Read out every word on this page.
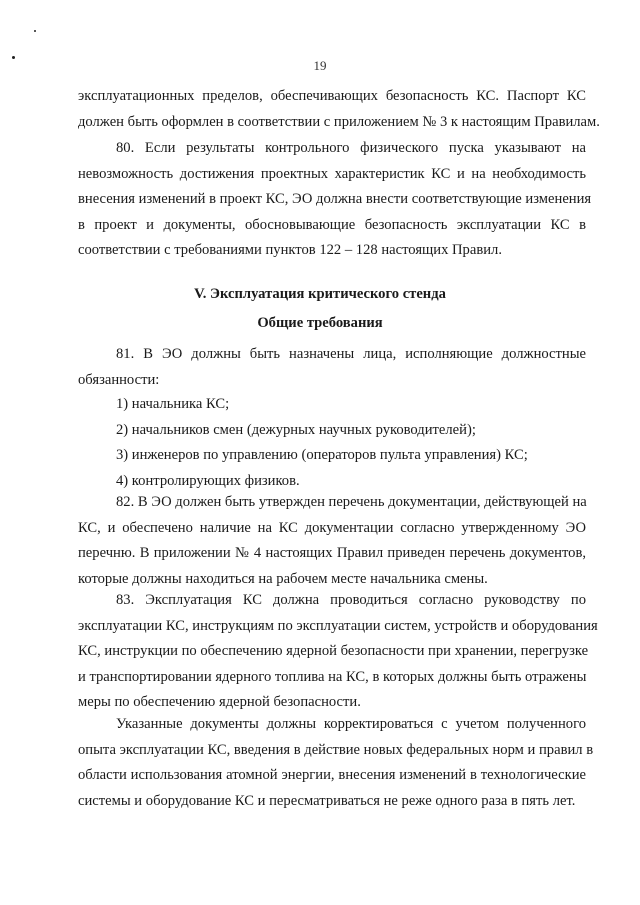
19
эксплуатационных пределов, обеспечивающих безопасность КС. Паспорт КС
должен быть оформлен в соответствии с приложением № 3 к настоящим Правилам.
80. Если результаты контрольного физического пуска указывают на
невозможность достижения проектных характеристик КС и на необходимость
внесения изменений в проект КС, ЭО должна внести соответствующие изменения
в проект и документы, обосновывающие безопасность эксплуатации КС в
соответствии с требованиями пунктов 122 – 128 настоящих Правил.
V. Эксплуатация критического стенда
Общие требования
81. В ЭО должны быть назначены лица, исполняющие должностные
обязанности:
1) начальника КС;
2) начальников смен (дежурных научных руководителей);
3) инженеров по управлению (операторов пульта управления) КС;
4) контролирующих физиков.
82. В ЭО должен быть утвержден перечень документации, действующей на
КС, и обеспечено наличие на КС документации согласно утвержденному ЭО
перечню. В приложении № 4 настоящих Правил приведен перечень документов,
которые должны находиться на рабочем месте начальника смены.
83. Эксплуатация КС должна проводиться согласно руководству по
эксплуатации КС, инструкциям по эксплуатации систем, устройств и оборудования
КС, инструкции по обеспечению ядерной безопасности при хранении, перегрузке
и транспортировании ядерного топлива на КС, в которых должны быть отражены
меры по обеспечению ядерной безопасности.
Указанные документы должны корректироваться с учетом полученного
опыта эксплуатации КС, введения в действие новых федеральных норм и правил в
области использования атомной энергии, внесения изменений в технологические
системы и оборудование КС и пересматриваться не реже одного раза в пять лет.
